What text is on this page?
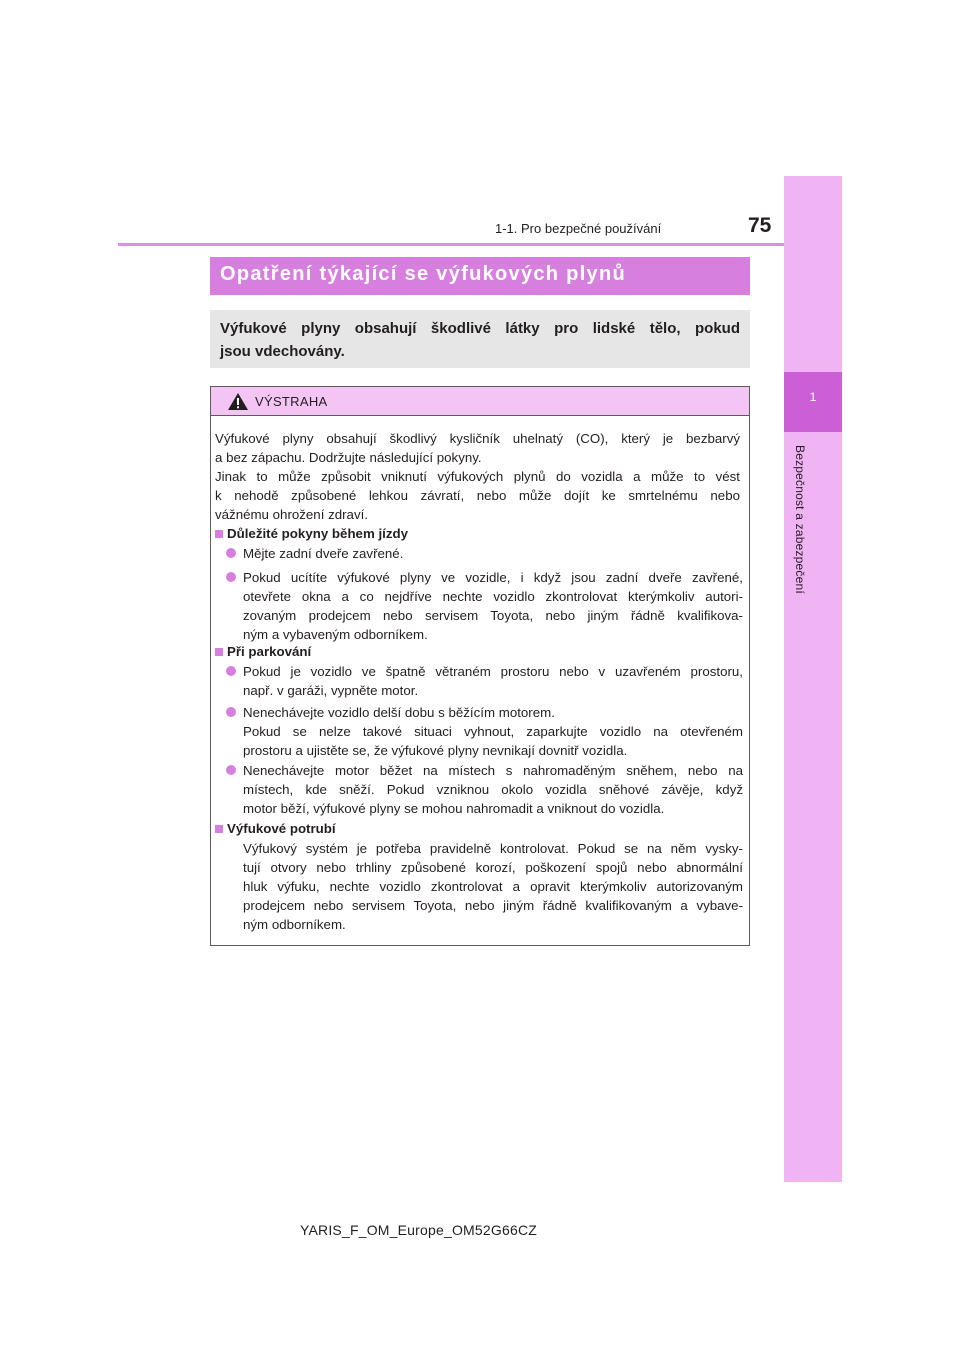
1-1. Pro bezpečné používání	75
1
Bezpečnost a zabezpečení
Opatření týkající se výfukových plynů
Výfukové plyny obsahují škodlivé látky pro lidské tělo, pokud
jsou vdechovány.
VÝSTRAHA
Výfukové plyny obsahují škodlivý kysličník uhelnatý (CO), který je bezbarvý
a bez zápachu. Dodržujte následující pokyny.
Jinak to může způsobit vniknutí výfukových plynů do vozidla a může to vést
k nehodě způsobené lehkou závratí, nebo může dojít ke smrtelnému nebo
vážnému ohrožení zdraví.
Důležité pokyny během jízdy
Mějte zadní dveře zavřené.
Pokud ucítíte výfukové plyny ve vozidle, i když jsou zadní dveře zavřené,
otevřete okna a co nejdříve nechte vozidlo zkontrolovat kterýmkoliv autori-
zovaným prodejcem nebo servisem Toyota, nebo jiným řádně kvalifikova-
ným a vybaveným odborníkem.
Při parkování
Pokud je vozidlo ve špatně větraném prostoru nebo v uzavřeném prostoru,
např. v garáži, vypněte motor.
Nenechávejte vozidlo delší dobu s běžícím motorem.
Pokud se nelze takové situaci vyhnout, zaparkujte vozidlo na otevřeném
prostoru a ujistěte se, že výfukové plyny nevnikají dovnitř vozidla.
Nenechávejte motor běžet na místech s nahromaděným sněhem, nebo na
místech, kde sněží. Pokud vzniknou okolo vozidla sněhové závěje, když
motor běží, výfukové plyny se mohou nahromadit a vniknout do vozidla.
Výfukové potrubí
Výfukový systém je potřeba pravidelně kontrolovat. Pokud se na něm vysky-
tují otvory nebo trhliny způsobené korozí, poškození spojů nebo abnormální
hluk výfuku, nechte vozidlo zkontrolovat a opravit kterýmkoliv autorizovaným
prodejcem nebo servisem Toyota, nebo jiným řádně kvalifikovaným a vybave-
ným odborníkem.
YARIS_F_OM_Europe_OM52G66CZ
